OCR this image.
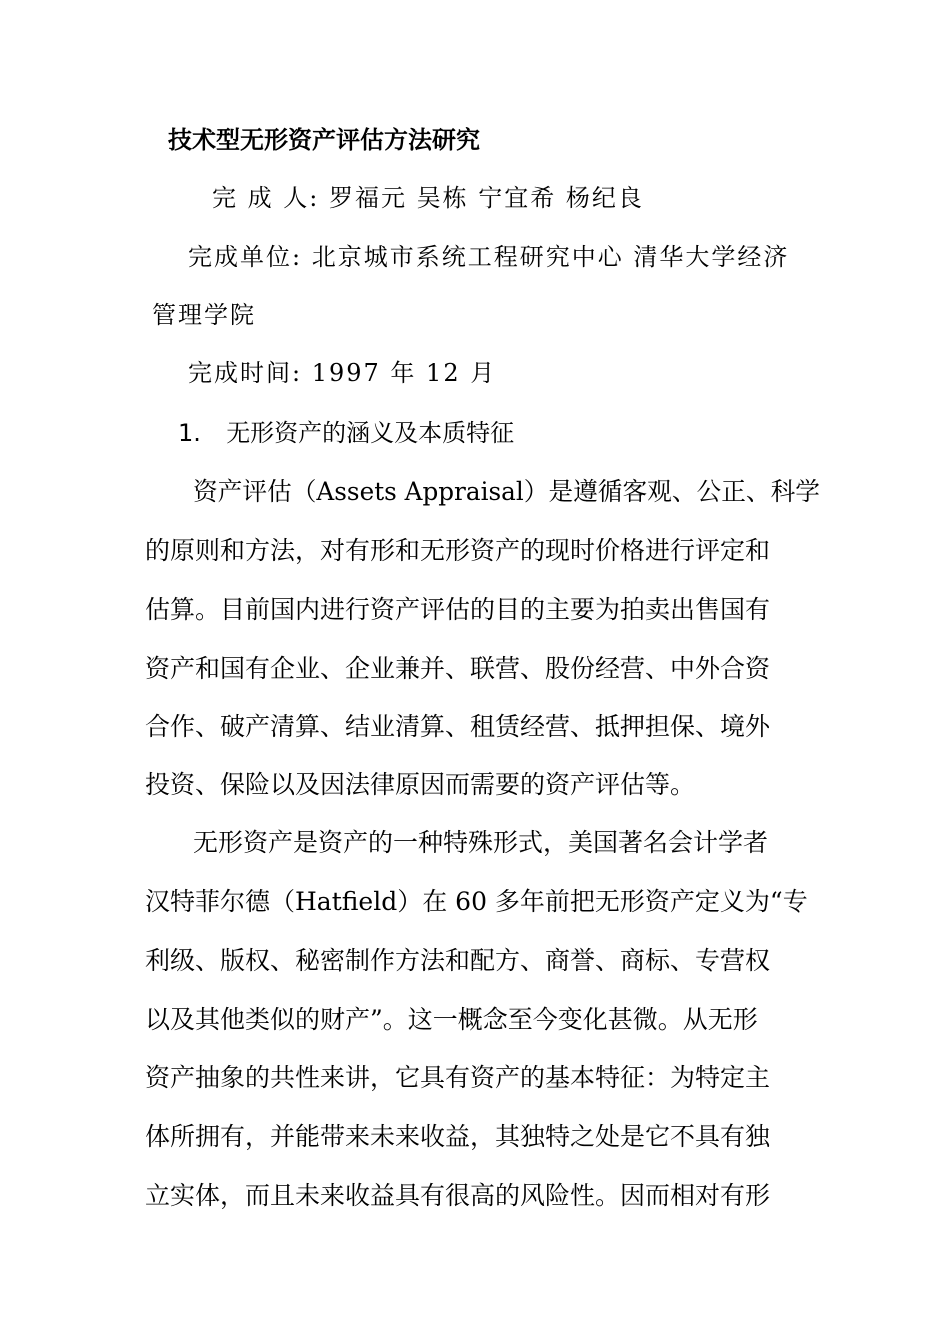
技术型无形资产评估方法研究
完 成 人: 罗福元 吴栋 宁宜希 杨纪良
完成单位: 北京城市系统工程研究中心 清华大学经济
管理学院
完成时间: 1997 年 12 月
1. 无形资产的涵义及本质特征
资产评估（Assets Appraisal）是遵循客观、公正、科学
的原则和方法，对有形和无形资产的现时价格进行评定和
估算。目前国内进行资产评估的目的主要为拍卖出售国有
资产和国有企业、企业兼并、联营、股份经营、中外合资
合作、破产清算、结业清算、租赁经营、抵押担保、境外
投资、保险以及因法律原因而需要的资产评估等。
无形资产是资产的一种特殊形式，美国著名会计学者
汉特菲尔德（Hatfield）在 60 多年前把无形资产定义为“专
利级、版权、秘密制作方法和配方、商誉、商标、专营权
以及其他类似的财产”。这一概念至今变化甚微。从无形
资产抽象的共性来讲，它具有资产的基本特征：为特定主
体所拥有，并能带来未来收益，其独特之处是它不具有独
立实体，而且未来收益具有很高的风险性。因而相对有形
